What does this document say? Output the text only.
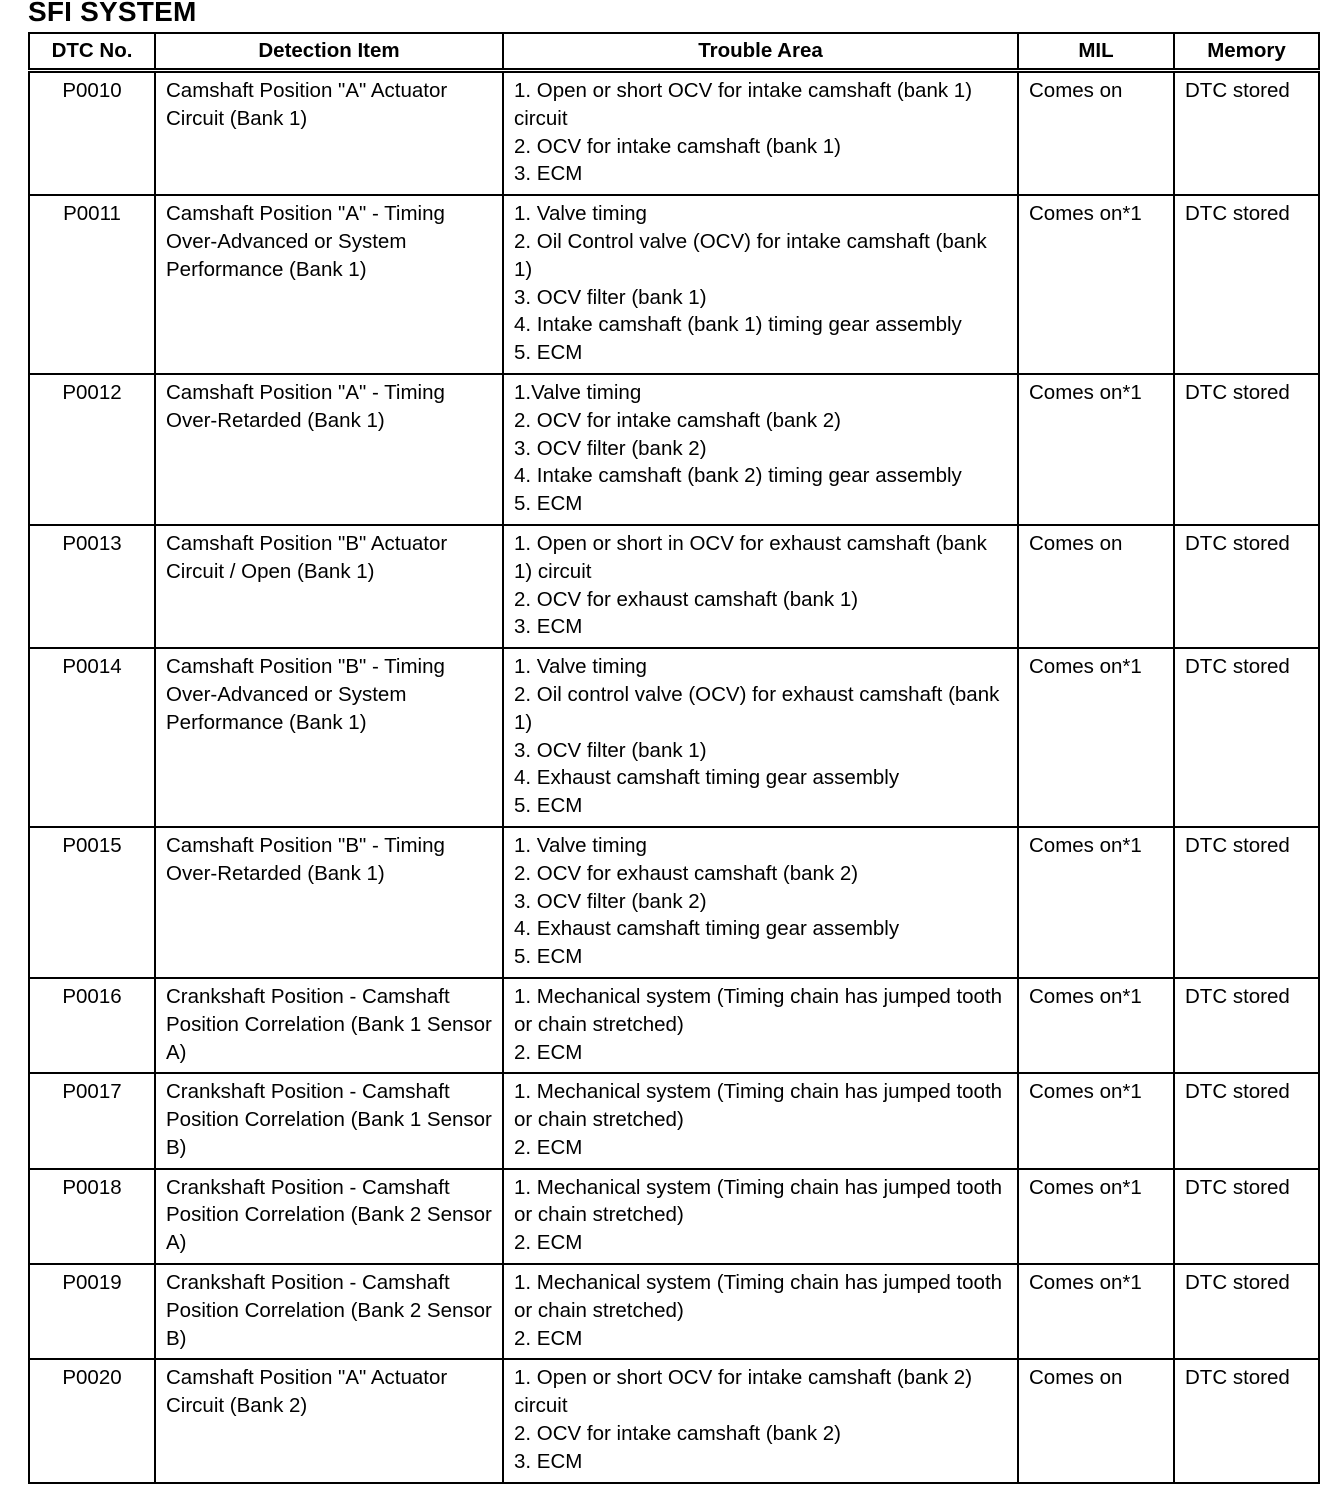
SFI SYSTEM
DTC No.	Detection Item	Trouble Area	MIL	Memory
P0010	Camshaft Position "A" Actuator Circuit (Bank 1)	1. Open or short OCV for intake camshaft (bank 1) circuit
2. OCV for intake camshaft (bank 1)
3. ECM	Comes on	DTC stored
P0011	Camshaft Position "A" - Timing Over-Advanced or System Performance (Bank 1)	1. Valve timing
2. Oil Control valve (OCV) for intake camshaft (bank 1)
3. OCV filter (bank 1)
4. Intake camshaft (bank 1) timing gear assembly
5. ECM	Comes on*1	DTC stored
P0012	Camshaft Position "A" - Timing Over-Retarded (Bank 1)	1.Valve timing
2. OCV for intake camshaft (bank 2)
3. OCV filter (bank 2)
4. Intake camshaft (bank 2) timing gear assembly
5. ECM	Comes on*1	DTC stored
P0013	Camshaft Position "B" Actuator Circuit / Open (Bank 1)	1. Open or short in OCV for exhaust camshaft (bank 1) circuit
2. OCV for exhaust camshaft (bank 1)
3. ECM	Comes on	DTC stored
P0014	Camshaft Position "B" - Timing Over-Advanced or System Performance (Bank 1)	1. Valve timing
2. Oil control valve (OCV) for exhaust camshaft (bank 1)
3. OCV filter (bank 1)
4. Exhaust camshaft timing gear assembly
5. ECM	Comes on*1	DTC stored
P0015	Camshaft Position "B" - Timing Over-Retarded (Bank 1)	1. Valve timing
2. OCV for exhaust camshaft (bank 2)
3. OCV filter (bank 2)
4. Exhaust camshaft timing gear assembly
5. ECM	Comes on*1	DTC stored
P0016	Crankshaft Position - Camshaft Position Correlation (Bank 1 Sensor A)	1. Mechanical system (Timing chain has jumped tooth or chain stretched)
2. ECM	Comes on*1	DTC stored
P0017	Crankshaft Position - Camshaft Position Correlation (Bank 1 Sensor B)	1. Mechanical system (Timing chain has jumped tooth or chain stretched)
2. ECM	Comes on*1	DTC stored
P0018	Crankshaft Position - Camshaft Position Correlation (Bank 2 Sensor A)	1. Mechanical system (Timing chain has jumped tooth or chain stretched)
2. ECM	Comes on*1	DTC stored
P0019	Crankshaft Position - Camshaft Position Correlation (Bank 2 Sensor B)	1. Mechanical system (Timing chain has jumped tooth or chain stretched)
2. ECM	Comes on*1	DTC stored
P0020	Camshaft Position "A" Actuator Circuit (Bank 2)	1. Open or short OCV for intake camshaft (bank 2) circuit
2. OCV for intake camshaft (bank 2)
3. ECM	Comes on	DTC stored
